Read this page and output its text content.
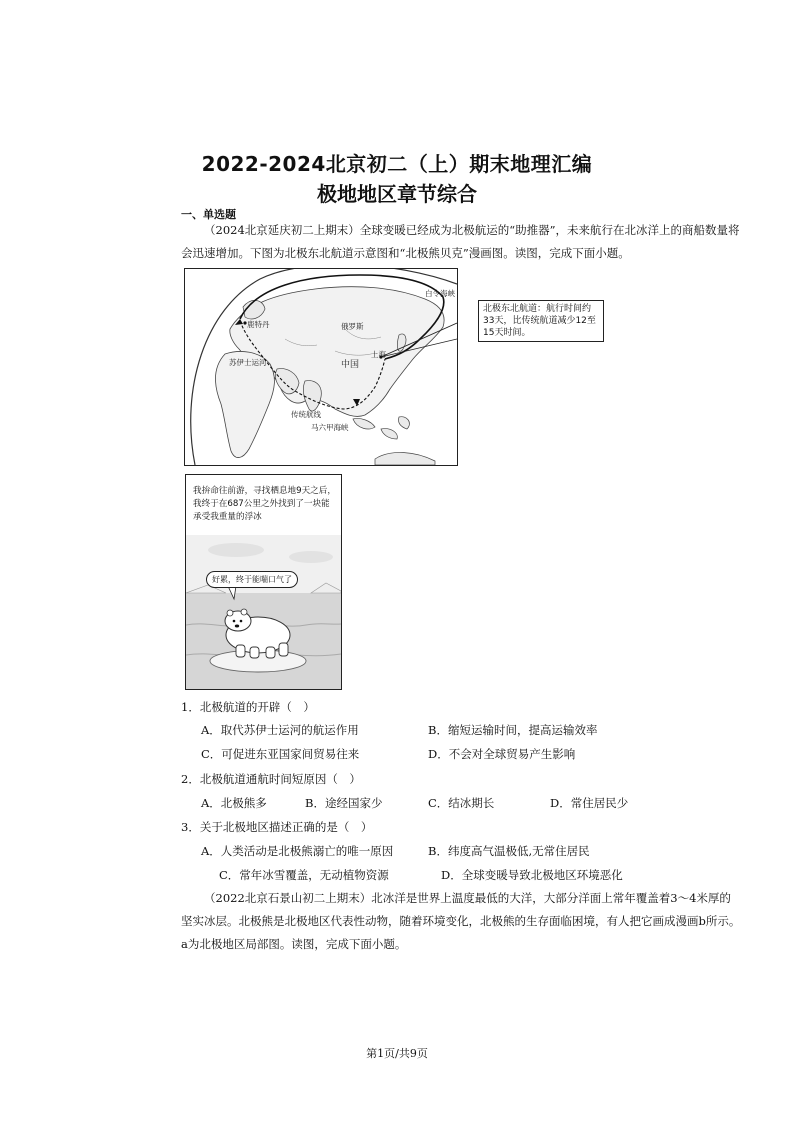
2022-2024北京初二（上）期末地理汇编
极地地区章节综合
一、单选题
（2024北京延庆初二上期末）全球变暖已经成为北极航运的“助推器”，未来航行在北冰洋上的商船数量将会迅速增加。下图为北极东北航道示意图和“北极熊贝克”漫画图。读图，完成下面小题。
白令海峡
鹿特丹	俄罗斯
中国
上海
苏伊士运河
传统航线
马六甲海峡
北极东北航道：航行时间约33天，比传统航道减少12至15天时间。
我拚命往前游，寻找栖息地9天之后，我终于在687公里之外找到了一块能承受我重量的浮冰
好累，终于能喘口气了
1．北极航道的开辟（　）
A．取代苏伊士运河的航运作用	B．缩短运输时间，提高运输效率
C．可促进东亚国家间贸易往来	D．不会对全球贸易产生影响
2．北极航道通航时间短原因（　）
A．北极熊多	B．途经国家少	C．结冰期长	D．常住居民少
3．关于北极地区描述正确的是（　）
A．人类活动是北极熊溺亡的唯一原因	B．纬度高气温极低,无常住居民
C．常年冰雪覆盖，无动植物资源	D．全球变暖导致北极地区环境恶化
（2022北京石景山初二上期末）北冰洋是世界上温度最低的大洋，大部分洋面上常年覆盖着3～4米厚的坚实冰层。北极熊是北极地区代表性动物，随着环境变化，北极熊的生存面临困境，有人把它画成漫画b所示。a为北极地区局部图。读图，完成下面小题。
第1页/共9页
